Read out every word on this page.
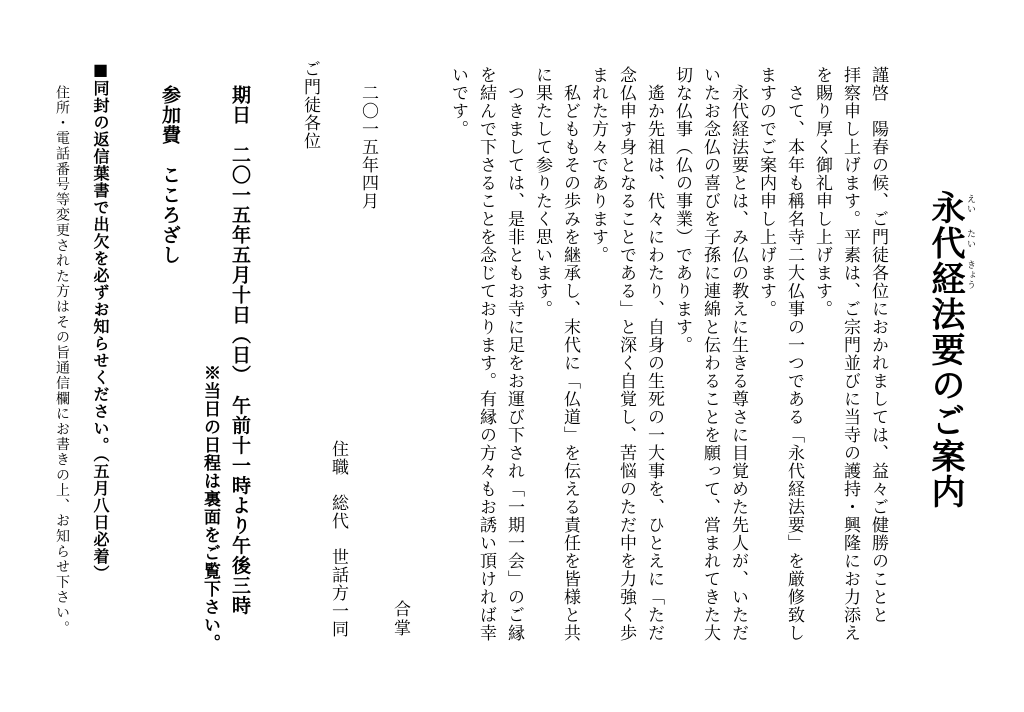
永代経法要のご案内 えい
たい
きょう
謹啓　陽春の候、ご門徒各位におかれましては、益々ご健勝のことと
拝察申し上げます。平素は、ご宗門並びに当寺の護持・興隆にお力添え
を賜り厚く御礼申し上げます。
　さて、本年も稱名寺二大仏事の一つである「永代経法要」を厳修致し
ますのでご案内申し上げます。
　永代経法要とは、み仏の教えに生きる尊さに目覚めた先人が、いただ
いたお念仏の喜びを子孫に連綿と伝わることを願って、営まれてきた大
切な仏事（仏の事業）であります。
　遙か先祖は、代々にわたり、自身の生死の一大事を、ひとえに「ただ
念仏申す身となることである」と深く自覚し、苦悩のただ中を力強く歩
まれた方々であります。
　私どももその歩みを継承し、末代に「仏道」を伝える責任を皆様と共
に果たして参りたく思います。
　つきましては、是非ともお寺に足をお運び下され「一期一会」のご縁
を結んで下さることを念じております。有縁の方々もお誘い頂ければ幸
いです。
合掌
二〇一五年四月
住職　総代　世話方一同
ご門徒各位
期日　二〇一五年五月十日（日）　午前十一時より午後三時
※当日の日程は裏面をご覧下さい。
参加費　こころざし
■同封の返信葉書で出欠を必ずお知らせください。（五月八日必着）
住所・電話番号等変更された方はその旨通信欄にお書きの上、お知らせ下さい。
